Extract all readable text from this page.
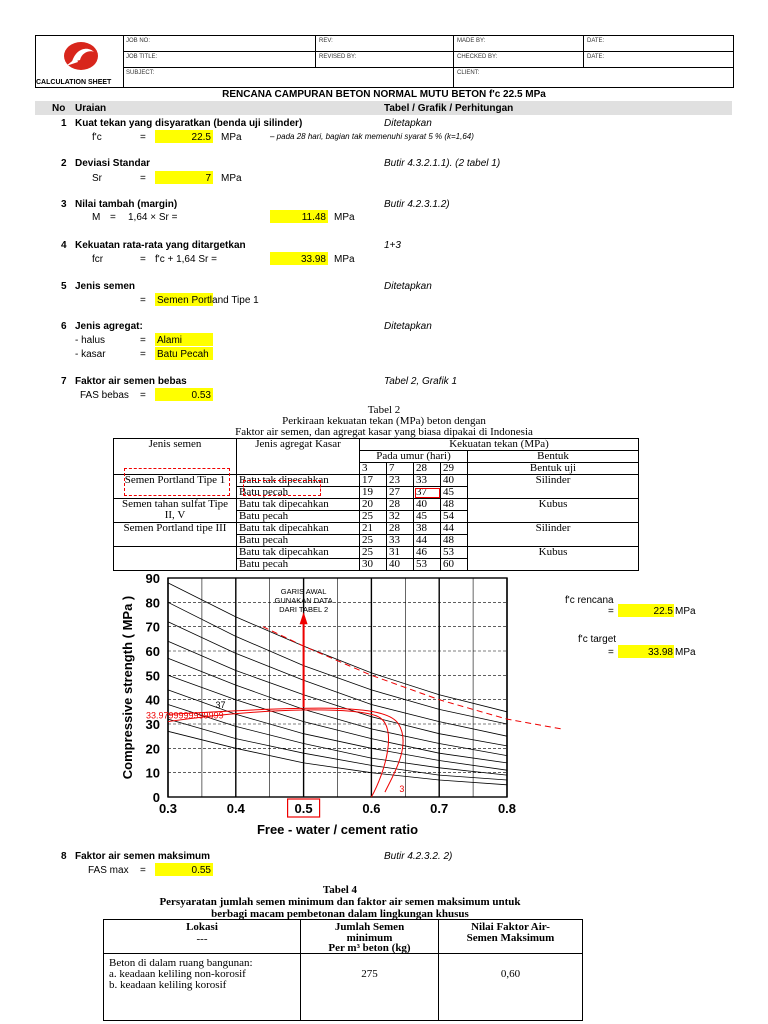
CALCULATION SHEET
JOB NO:	REV:	MADE BY:	DATE:
JOB TITLE:	REVISED BY:	CHECKED BY:	DATE:
SUBJECT:	CLIENT:
RENCANA CAMPURAN BETON NORMAL MUTU BETON f'c 22.5 MPa
No Uraian	Tabel / Grafik / Perhitungan
1 Kuat tekan yang disyaratkan (benda uji silinder)	Ditetapkan
f'c	=	22.5 MPa	– pada 28 hari, bagian tak memenuhi syarat 5 % (k=1,64)
2 Deviasi Standar	Butir 4.3.2.1.1). (2 tabel 1)
Sr	=	7 MPa
3 Nilai tambah (margin)	Butir 4.2.3.1.2)
M = 1,64 × Sr =	11.48 MPa
4 Kekuatan rata-rata yang ditargetkan	1+3
fcr	= f'c + 1,64 Sr =	33.98 MPa
5 Jenis semen	Ditetapkan
= Semen Portland Tipe 1
6 Jenis agregat:	Ditetapkan
- halus	= Alami
- kasar	= Batu Pecah
7 Faktor air semen bebas	Tabel 2, Grafik 1
FAS bebas =	0.53
Tabel 2
Perkiraan kekuatan tekan (MPa) beton dengan
Faktor air semen, dan agregat kasar yang biasa dipakai di Indonesia
Jenis semen	Jenis agregat Kasar	Kekuatan tekan (MPa)				
		Pada umur (hari)				Bentuk
		3	7	28	29	Bentuk uji
Semen Portland Tipe 1	Batu tak dipecahkan	17	23	33	40	Silinder
	Batu pecah	19	27	37	45	
Semen tahan sulfat Tipe II, V	Batu tak dipecahkan	20	28	40	48	Kubus
	Batu pecah	25	32	45	54	
Semen Portland tipe III	Batu tak dipecahkan	21	28	38	44	Silinder
	Batu pecah	25	33	44	48	
	Batu tak dipecahkan	25	31	46	53	Kubus
	Batu pecah	30	40	53	60	
0
10
20
30
40
50
60
70
80
90
0.3	0.4	0.5	0.6	0.7	0.8
37
33.9799999999999
3
GARIS AWAL
GUNAKAN DATA
DARI TABEL 2
Free - water / cement ratio
Compressive strength ( MPa )	f'c rencana
=	22.5 MPa
f'c target
=	33.98 MPa
8 Faktor air semen maksimum	Butir 4.2.3.2. 2)
FAS max =	0.55
Tabel 4
Persyaratan jumlah semen minimum dan faktor air semen maksimum untuk
berbagi macam pembetonan dalam lingkungan khusus
Lokasi
---
Jumlah Semen
minimum
Per m³ beton (kg)
Nilai Faktor Air-
Semen Maksimum
Beton di dalam ruang bangunan:
a. keadaan keliling non-korosif
b. keadaan keliling korosif
275	0,60
